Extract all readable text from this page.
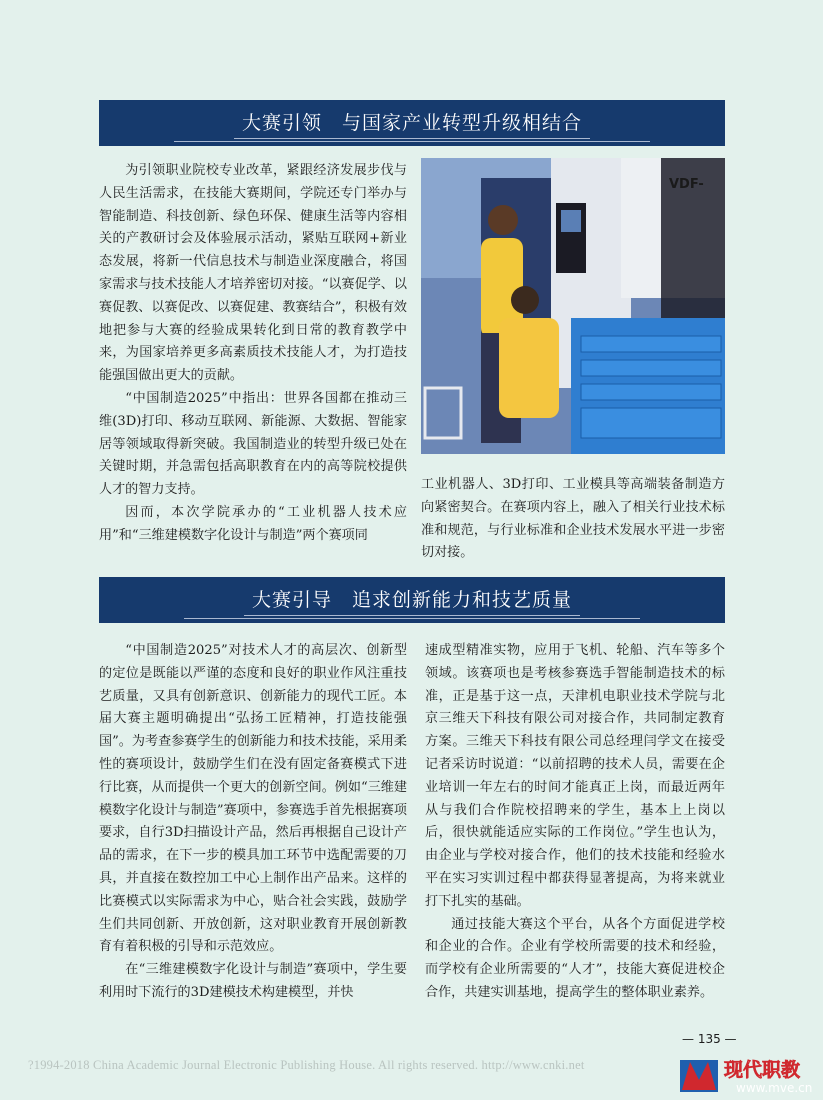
大赛引领　与国家产业转型升级相结合

为引领职业院校专业改革，紧跟经济发展步伐与人民生活需求，在技能大赛期间，学院还专门举办与智能制造、科技创新、绿色环保、健康生活等内容相关的产教研讨会及体验展示活动，紧贴互联网+新业态发展，将新一代信息技术与制造业深度融合，将国家需求与技术技能人才培养密切对接。“以赛促学、以赛促教、以赛促改、以赛促建、教赛结合”，积极有效地把参与大赛的经验成果转化到日常的教育教学中来，为国家培养更多高素质技术技能人才，为打造技能强国做出更大的贡献。

“中国制造2025”中指出：世界各国都在推动三维(3D)打印、移动互联网、新能源、大数据、智能家居等领域取得新突破。我国制造业的转型升级已处在关键时期，并急需包括高职教育在内的高等院校提供人才的智力支持。

因而，本次学院承办的“工业机器人技术应用”和“三维建模数字化设计与制造”两个赛项同

VDF-

工业机器人、3D打印、工业模具等高端装备制造方向紧密契合。在赛项内容上，融入了相关行业技术标准和规范，与行业标准和企业技术发展水平进一步密切对接。

大赛引导　追求创新能力和技艺质量

“中国制造2025”对技术人才的高层次、创新型的定位是既能以严谨的态度和良好的职业作风注重技艺质量，又具有创新意识、创新能力的现代工匠。本届大赛主题明确提出“弘扬工匠精神，打造技能强国”。为考查参赛学生的创新能力和技术技能，采用柔性的赛项设计，鼓励学生们在没有固定备赛模式下进行比赛，从而提供一个更大的创新空间。例如“三维建模数字化设计与制造”赛项中，参赛选手首先根据赛项要求，自行3D扫描设计产品，然后再根据自己设计产品的需求，在下一步的模具加工环节中选配需要的刀具，并直接在数控加工中心上制作出产品来。这样的比赛模式以实际需求为中心，贴合社会实践，鼓励学生们共同创新、开放创新，这对职业教育开展创新教育有着积极的引导和示范效应。

在“三维建模数字化设计与制造”赛项中，学生要利用时下流行的3D建模技术构建模型，并快

速成型精准实物，应用于飞机、轮船、汽车等多个领域。该赛项也是考核参赛选手智能制造技术的标准，正是基于这一点，天津机电职业技术学院与北京三维天下科技有限公司对接合作，共同制定教育方案。三维天下科技有限公司总经理闫学文在接受记者采访时说道：“以前招聘的技术人员，需要在企业培训一年左右的时间才能真正上岗，而最近两年从与我们合作院校招聘来的学生，基本上上岗以后，很快就能适应实际的工作岗位。”学生也认为，由企业与学校对接合作，他们的技术技能和经验水平在实习实训过程中都获得显著提高，为将来就业打下扎实的基础。

通过技能大赛这个平台，从各个方面促进学校和企业的合作。企业有学校所需要的技术和经验，而学校有企业所需要的“人才”，技能大赛促进校企合作，共建实训基地，提高学生的整体职业素养。

— 135 —
?1994-2018 China Academic Journal Electronic Publishing House. All rights reserved. http://www.cnki.net	现代职教
www.mve.cn
